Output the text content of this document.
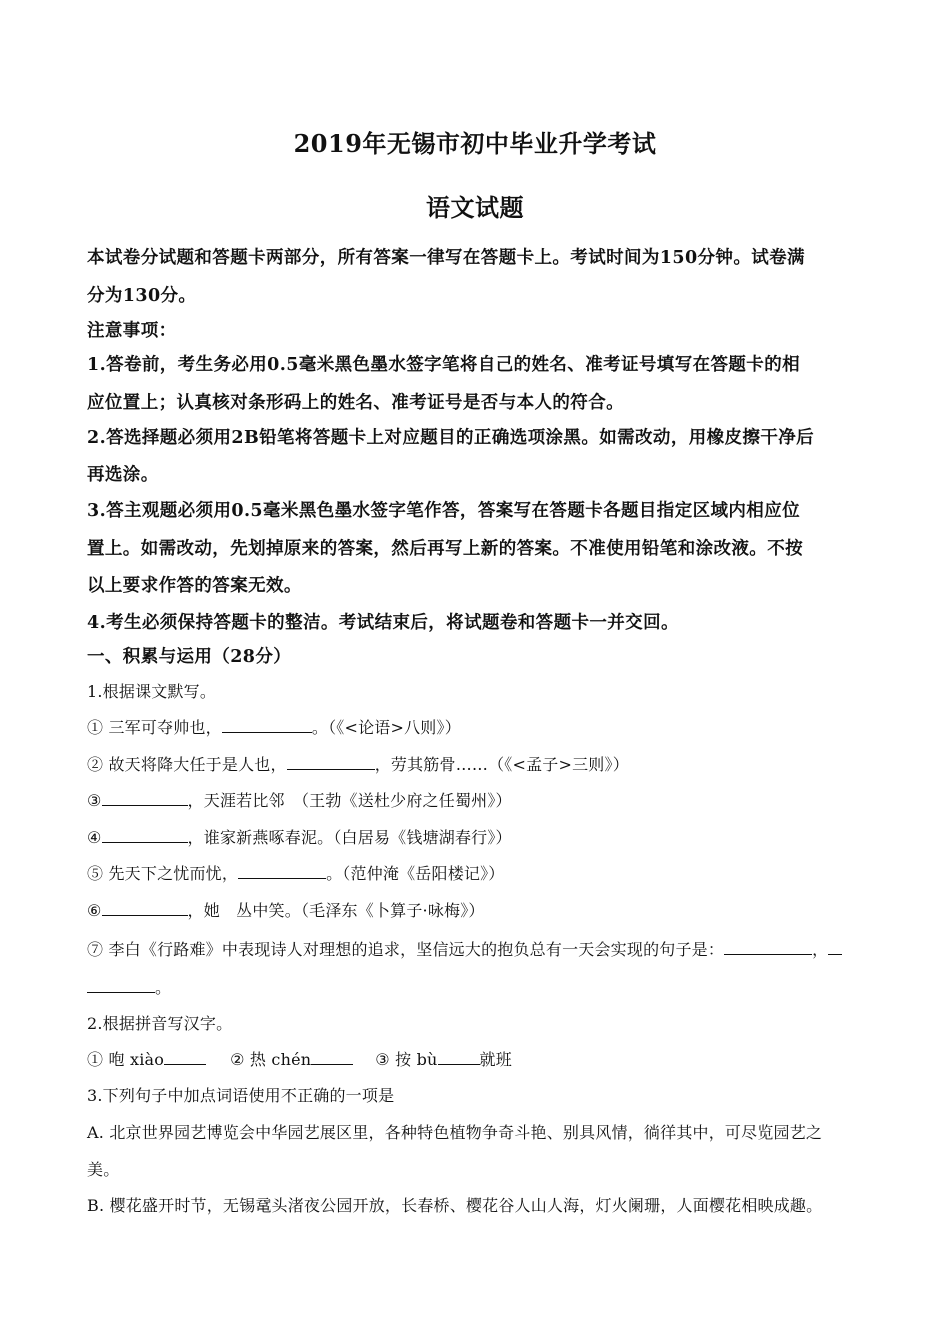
2019年无锡市初中毕业升学考试
语文试题
本试卷分试题和答题卡两部分，所有答案一律写在答题卡上。考试时间为150分钟。试卷满
分为130分。
注意事项：
1.答卷前，考生务必用0.5毫米黑色墨水签字笔将自己的姓名、准考证号填写在答题卡的相
应位置上；认真核对条形码上的姓名、准考证号是否与本人的符合。
2.答选择题必须用2B铅笔将答题卡上对应题目的正确选项涂黑。如需改动，用橡皮擦干净后
再选涂。
3.答主观题必须用0.5毫米黑色墨水签字笔作答，答案写在答题卡各题目指定区域内相应位
置上。如需改动，先划掉原来的答案，然后再写上新的答案。不准使用铅笔和涂改液。不按
以上要求作答的答案无效。
4.考生必须保持答题卡的整洁。考试结束后，将试题卷和答题卡一并交回。
一、积累与运用（28分）
1.根据课文默写。
① 三军可夺帅也，	。（《<论语>八则》）
② 故天将降大任于是人也，	，劳其筋骨……（《<孟子>三则》）
③	，天涯若比邻　（王勃《送杜少府之任蜀州》）
④	，谁家新燕啄春泥。（白居易《钱塘湖春行》）
⑤ 先天下之忧而忧，	。（范仲淹《岳阳楼记》）
⑥	，她　丛中笑。（毛泽东《卜算子·咏梅》）
⑦ 李白《行路难》中表现诗人对理想的追求，坚信远大的抱负总有一天会实现的句子是：	，
。
2.根据拼音写汉字。
① 咆 xiào	② 热 chén	③ 按 bù	就班
3.下列句子中加点词语使用不正确的一项是
A. 北京世界园艺博览会中华园艺展区里，各种特色植物争奇斗艳、别具风情，徜徉其中，可尽览园艺之
美。
B. 樱花盛开时节，无锡鼋头渚夜公园开放，长春桥、樱花谷人山人海，灯火阑珊，人面樱花相映成趣。
